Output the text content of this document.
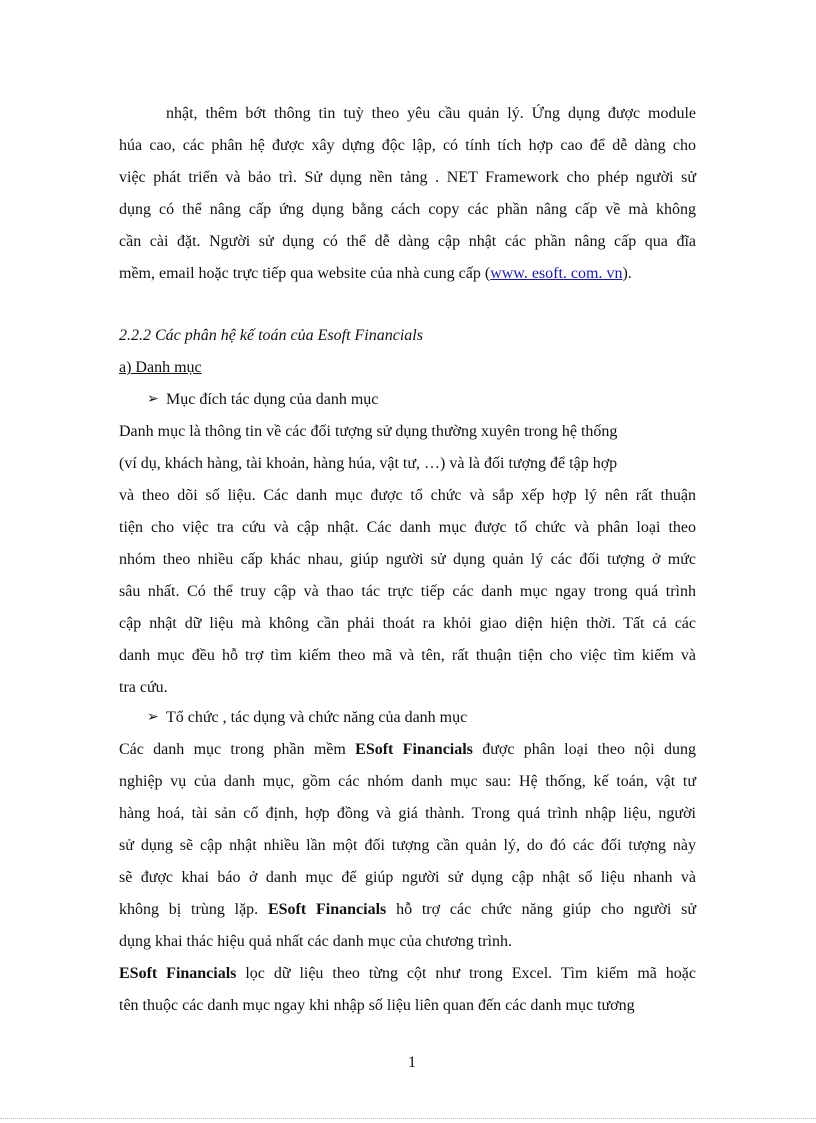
nhật, thêm bớt thông tin tuỳ theo yêu cầu quản lý. Ứng dụng được module
húa cao, các phân hệ được xây dựng độc lập, có tính tích hợp cao để dễ dàng cho
việc phát triển và bảo trì. Sử dụng nền tảng . NET Framework cho phép người sử
dụng có thể nâng cấp ứng dụng bằng cách copy các phần nâng cấp về mà không
cần cài đặt. Người sử dụng có thể dễ dàng cập nhật các phần nâng cấp qua đĩa
mềm, email hoặc trực tiếp qua website của nhà cung cấp (www. esoft. com. vn).
2.2.2 Các phân hệ kế toán của Esoft Financials
a) Danh mục
➢ Mục đích tác dụng của danh mục
Danh mục là thông tin về các đối tượng sử dụng thường xuyên trong hệ thống
(ví dụ, khách hàng, tài khoản, hàng húa, vật tư, …) và là đối tượng để tập hợp
và theo dõi số liệu. Các danh mục được tổ chức và sắp xếp hợp lý nên rất thuận
tiện cho việc tra cứu và cập nhật. Các danh mục được tổ chức và phân loại theo
nhóm theo nhiều cấp khác nhau, giúp người sử dụng quản lý các đối tượng ở mức
sâu nhất. Có thể truy cập và thao tác trực tiếp các danh mục ngay trong quá trình
cập nhật dữ liệu mà không cần phải thoát ra khỏi giao diện hiện thời. Tất cả các
danh mục đều hỗ trợ tìm kiếm theo mã và tên, rất thuận tiện cho việc tìm kiếm và
tra cứu.
➢ Tổ chức , tác dụng và chức năng của danh mục
Các danh mục trong phần mềm ESoft Financials được phân loại theo nội dung
nghiệp vụ của danh mục, gồm các nhóm danh mục sau: Hệ thống, kế toán, vật tư
hàng hoá, tài sản cố định, hợp đồng và giá thành. Trong quá trình nhập liệu, người
sử dụng sẽ cập nhật nhiều lần một đối tượng cần quản lý, do đó các đối tượng này
sẽ được khai báo ở danh mục để giúp người sử dụng cập nhật số liệu nhanh và
không bị trùng lặp. ESoft Financials hỗ trợ các chức năng giúp cho người sử
dụng khai thác hiệu quả nhất các danh mục của chương trình.
ESoft Financials lọc dữ liệu theo từng cột như trong Excel. Tìm kiếm mã hoặc
tên thuộc các danh mục ngay khi nhập số liệu liên quan đến các danh mục tương
1
